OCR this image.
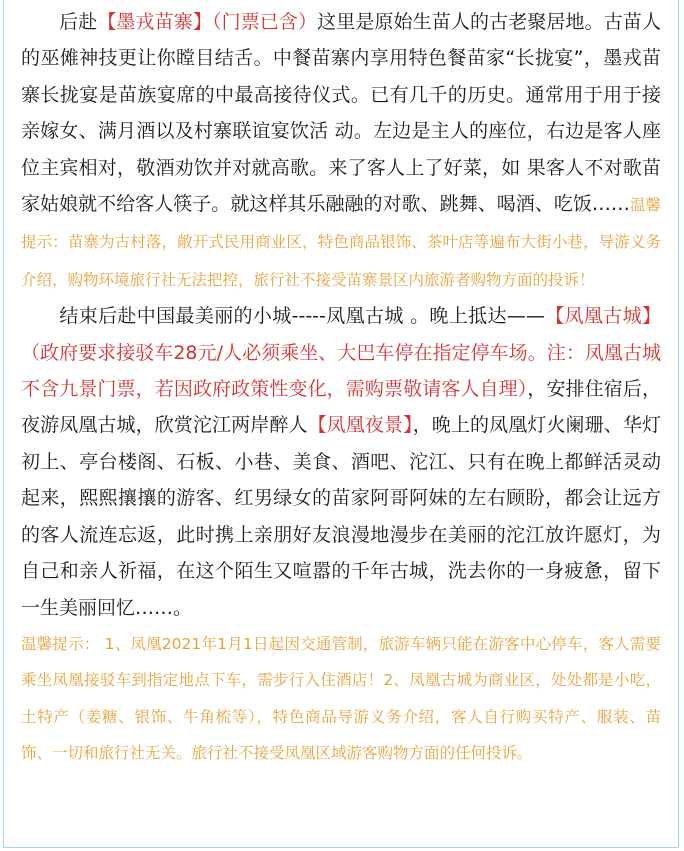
后赴【墨戎苗寨】（门票已含）这里是原始生苗人的古老聚居地。古苗人的巫傩神技更让你瞠目结舌。中餐苗寨内享用特色餐苗家“长拢宴”，墨戎苗寨长拢宴是苗族宴席的中最高接待仪式。已有几千的历史。通常用于用于接亲嫁女、满月酒以及村寨联谊宴饮活 动。左边是主人的座位，右边是客人座位主宾相对，敬酒劝饮并对就高歌。来了客人上了好菜，如 果客人不对歌苗家姑娘就不给客人筷子。就这样其乐融融的对歌、跳舞、喝酒、吃饭……温馨提示：苗寨为古村落，敞开式民用商业区，特色商品银饰、茶叶店等遍布大街小巷，导游义务介绍，购物环境旅行社无法把控，旅行社不接受苗寨景区内旅游者购物方面的投诉！

结束后赴中国最美丽的小城-----凤凰古城 。晚上抵达——【凤凰古城】（政府要求接驳车28元/人必须乘坐、大巴车停在指定停车场。注：凤凰古城不含九景门票，若因政府政策性变化，需购票敬请客人自理），安排住宿后，夜游凤凰古城，欣赏沱江两岸醉人【凤凰夜景】，晚上的凤凰灯火阑珊、华灯初上、亭台楼阁、石板、小巷、美食、酒吧、沱江、只有在晚上都鲜活灵动起来，熙熙攘攘的游客、红男绿女的苗家阿哥阿妹的左右顾盼，都会让远方的客人流连忘返，此时携上亲朋好友浪漫地漫步在美丽的沱江放许愿灯，为自己和亲人祈福，在这个陌生又喧嚣的千年古城，洗去你的一身疲惫，留下一生美丽回忆……。

温馨提示： 1、凤凰2021年1月1日起因交通管制，旅游车辆只能在游客中心停车，客人需要乘坐凤凰接驳车到指定地点下车，需步行入住酒店！2、凤凰古城为商业区，处处都是小吃，土特产（姜糖、银饰、牛角梳等），特色商品导游义务介绍，客人自行购买特产、服装、苗饰、一切和旅行社无关。旅行社不接受凤凰区域游客购物方面的任何投诉。
